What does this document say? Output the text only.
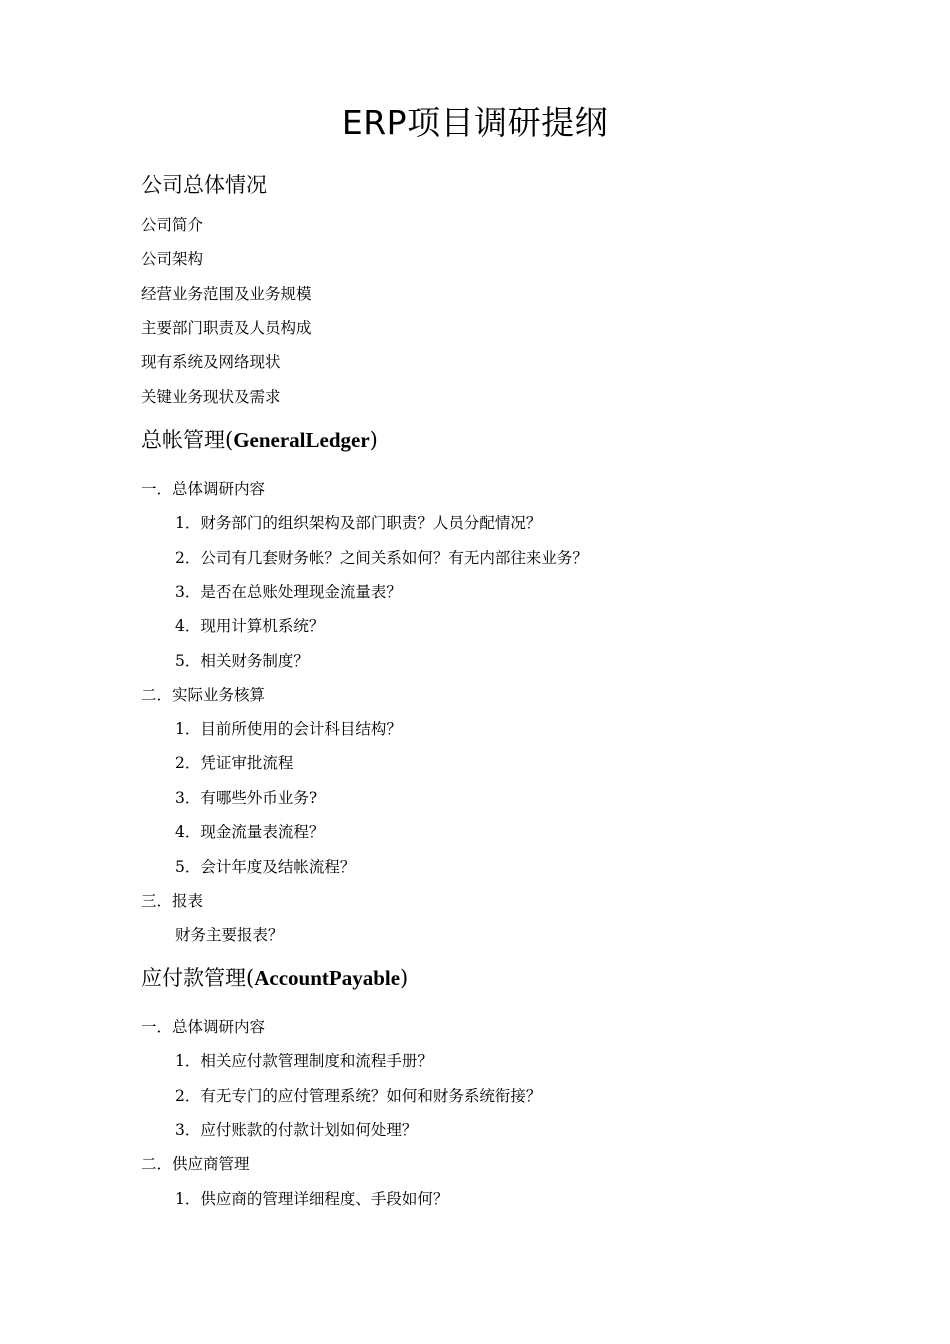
ERP项目调研提纲
公司总体情况
公司简介
公司架构
经营业务范围及业务规模
主要部门职责及人员构成
现有系统及网络现状
关键业务现状及需求
总帐管理(GeneralLedger)
一．总体调研内容
1．财务部门的组织架构及部门职责？人员分配情况？
2．公司有几套财务帐？之间关系如何？有无内部往来业务？
3．是否在总账处理现金流量表？
4．现用计算机系统？
5．相关财务制度？
二．实际业务核算
1．目前所使用的会计科目结构？
2．凭证审批流程
3．有哪些外币业务?
4．现金流量表流程？
5．会计年度及结帐流程？
三．报表
财务主要报表？
应付款管理(AccountPayable)
一．总体调研内容
1．相关应付款管理制度和流程手册？
2．有无专门的应付管理系统？如何和财务系统衔接？
3．应付账款的付款计划如何处理？
二．供应商管理
1．供应商的管理详细程度、手段如何？
